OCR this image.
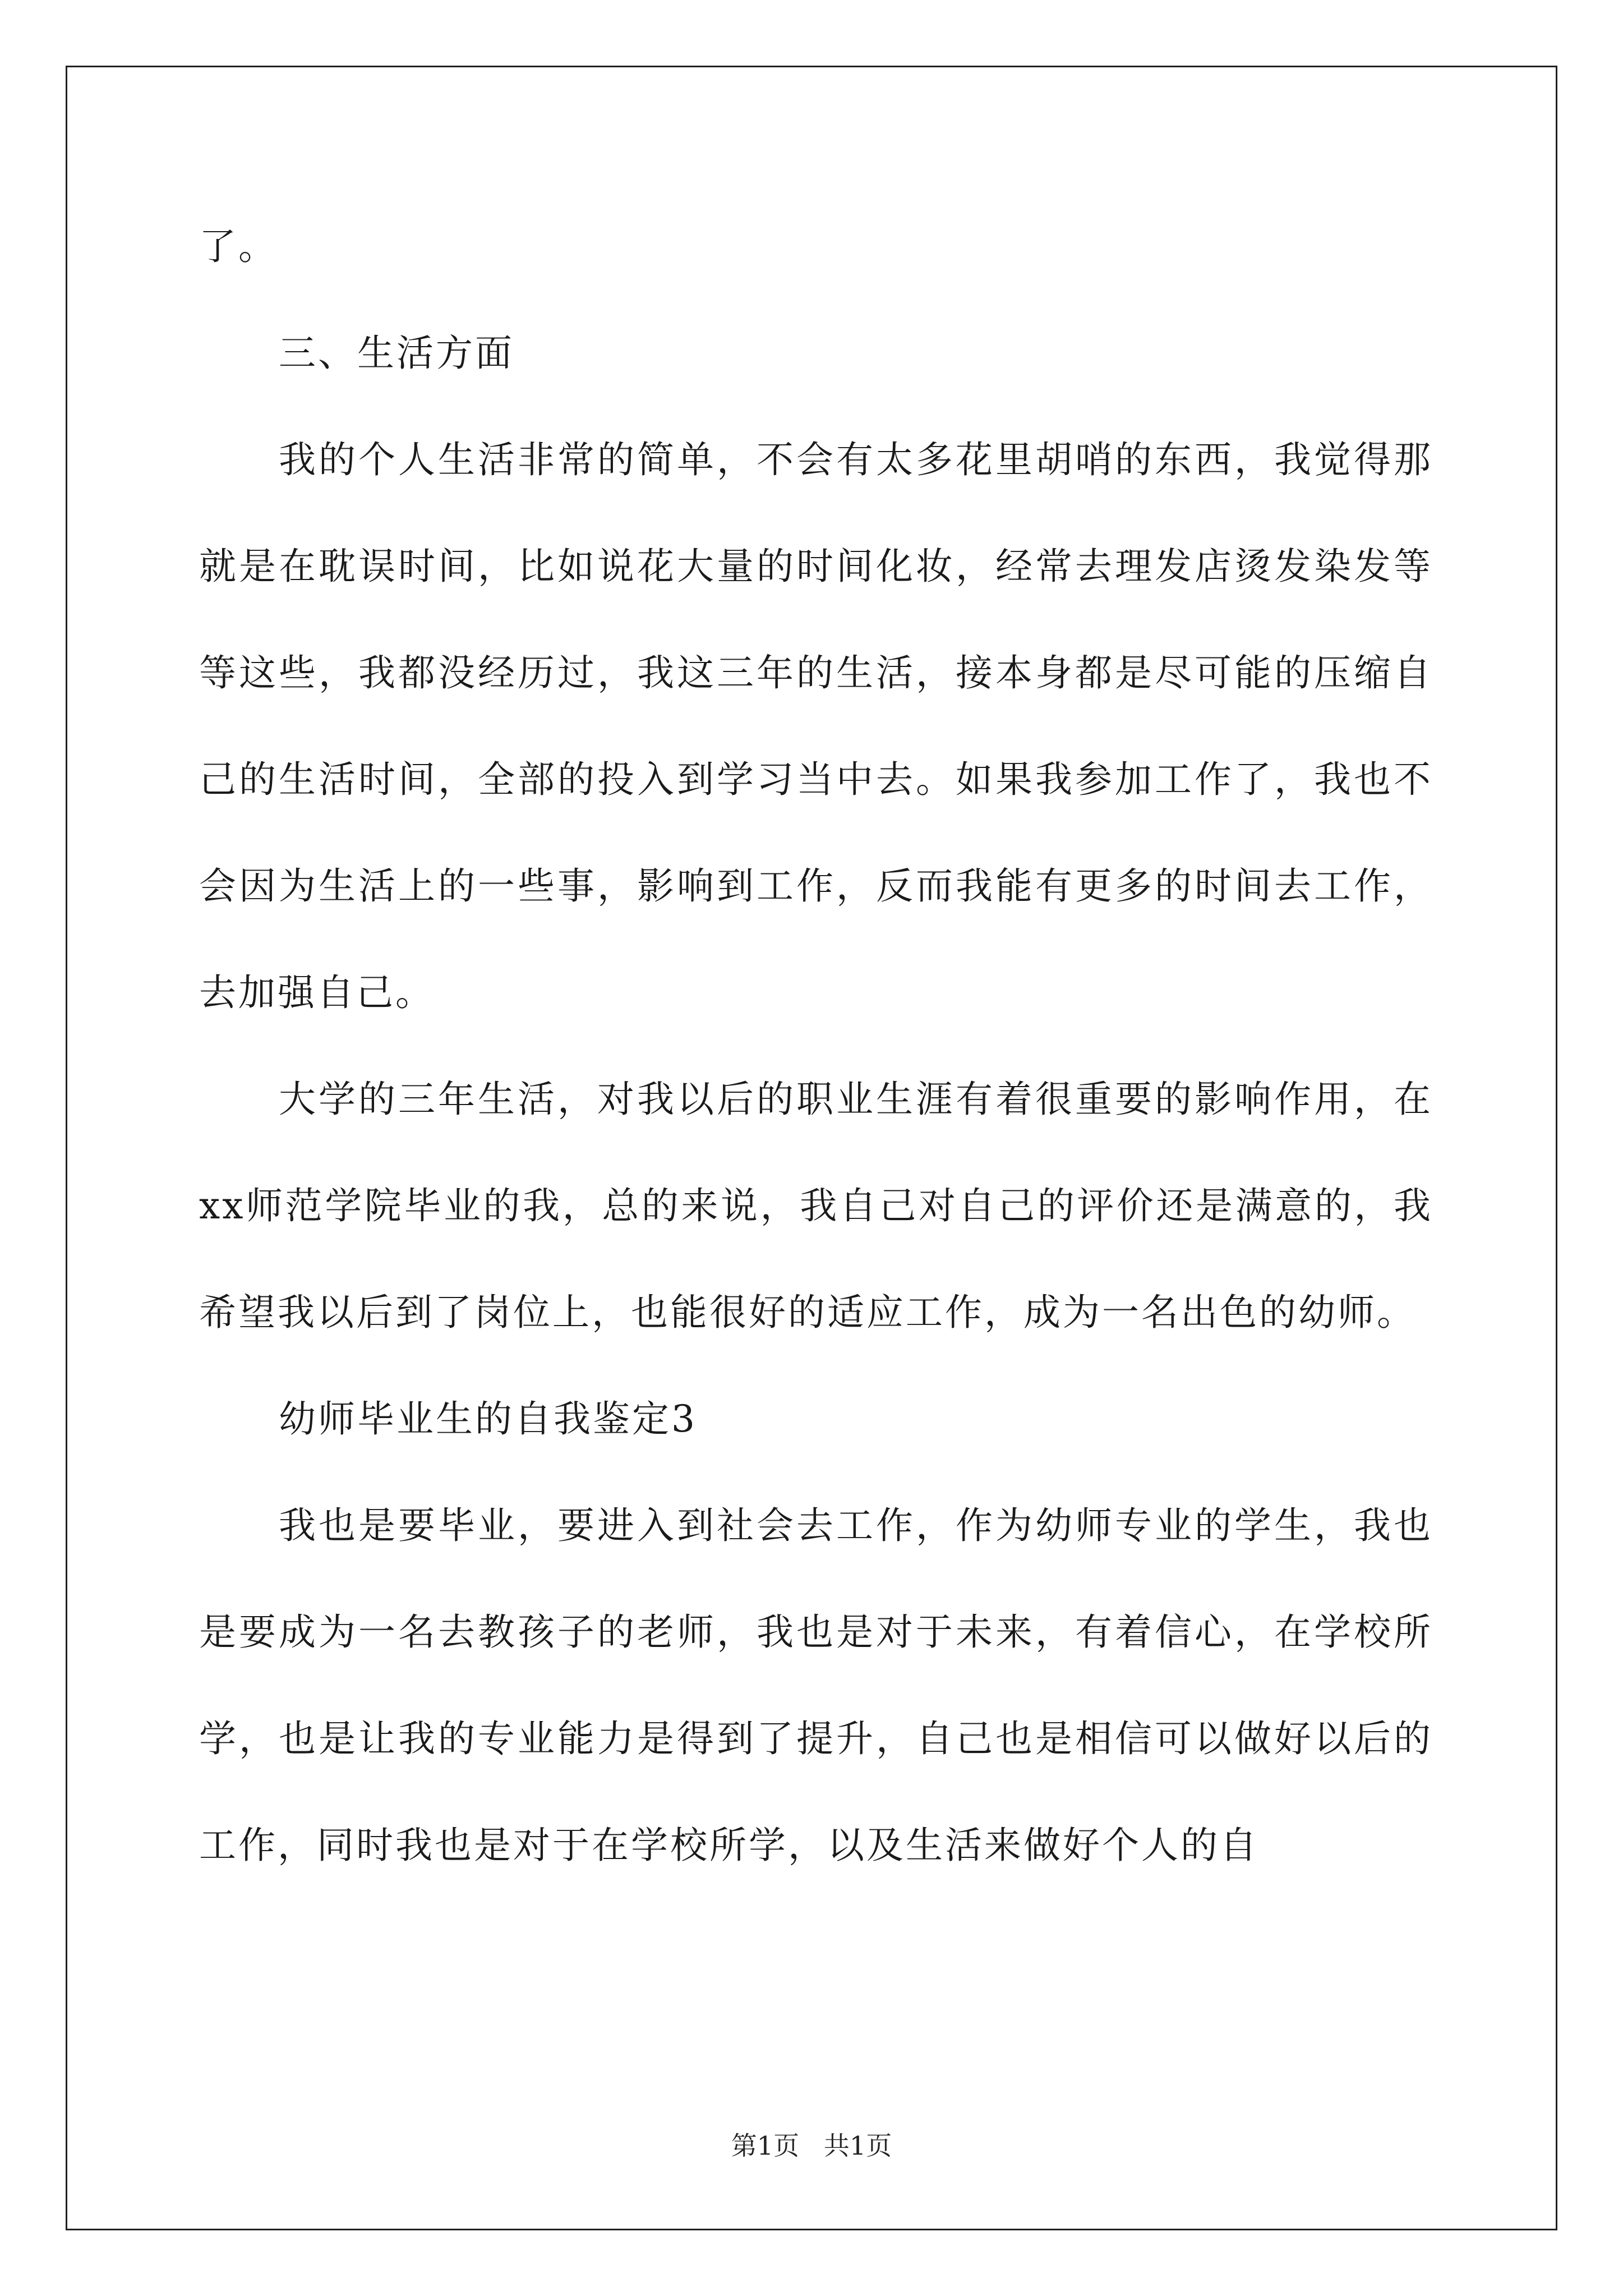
了。

三、生活方面

我的个人生活非常的简单，不会有太多花里胡哨的东西，我觉得那就是在耽误时间，比如说花大量的时间化妆，经常去理发店烫发染发等等这些，我都没经历过，我这三年的生活，接本身都是尽可能的压缩自己的生活时间，全部的投入到学习当中去。如果我参加工作了，我也不会因为生活上的一些事，影响到工作，反而我能有更多的时间去工作，去加强自己。

大学的三年生活，对我以后的职业生涯有着很重要的影响作用，在xx师范学院毕业的我，总的来说，我自己对自己的评价还是满意的，我希望我以后到了岗位上，也能很好的适应工作，成为一名出色的幼师。

幼师毕业生的自我鉴定3

我也是要毕业，要进入到社会去工作，作为幼师专业的学生，我也是要成为一名去教孩子的老师，我也是对于未来，有着信心，在学校所学，也是让我的专业能力是得到了提升，自己也是相信可以做好以后的工作，同时我也是对于在学校所学，以及生活来做好个人的自

第1页   共1页
